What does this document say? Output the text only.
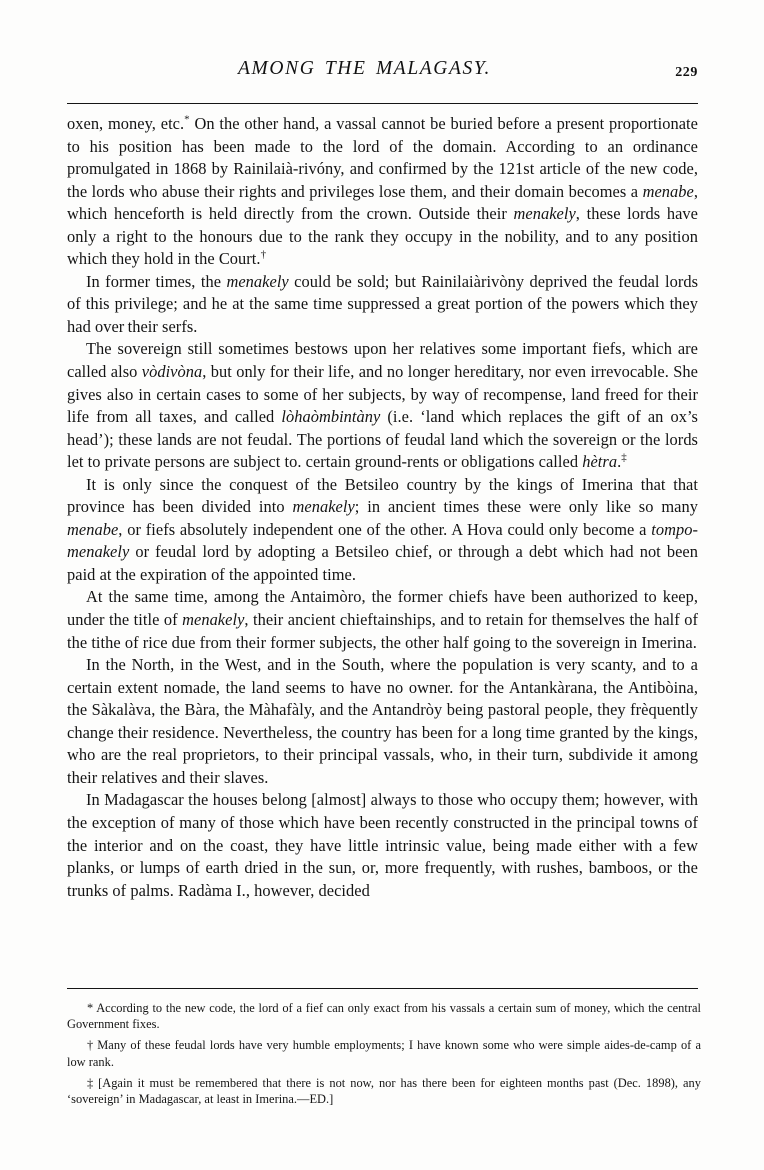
AMONG THE MALAGASY.	229

oxen, money, etc.* On the other hand, a vassal cannot be buried before a present proportionate to his position has been made to the lord of the domain. According to an ordinance promulgated in 1868 by Rainilaià-rivóny, and confirmed by the 121st article of the new code, the lords who abuse their rights and privileges lose them, and their domain becomes a menabe, which henceforth is held directly from the crown. Outside their menakely, these lords have only a right to the honours due to the rank they occupy in the nobility, and to any position which they hold in the Court.†

In former times, the menakely could be sold; but Rainilaiàrivòny deprived the feudal lords of this privilege; and he at the same time suppressed a great portion of the powers which they had over their serfs.

The sovereign still sometimes bestows upon her relatives some important fiefs, which are called also vòdivòna, but only for their life, and no longer hereditary, nor even irrevocable. She gives also in certain cases to some of her subjects, by way of recompense, land freed for their life from all taxes, and called lòhaòmbintàny (i.e. ‘land which replaces the gift of an ox’s head’); these lands are not feudal. The portions of feudal land which the sovereign or the lords let to private persons are subject to. certain ground-rents or obligations called hètra.‡

It is only since the conquest of the Betsileo country by the kings of Imerina that that province has been divided into menakely; in ancient times these were only like so many menabe, or fiefs absolutely independent one of the other. A Hova could only become a tompo-menakely or feudal lord by adopting a Betsileo chief, or through a debt which had not been paid at the expiration of the appointed time.

At the same time, among the Antaimòro, the former chiefs have been authorized to keep, under the title of menakely, their ancient chieftainships, and to retain for themselves the half of the tithe of rice due from their former subjects, the other half going to the sovereign in Imerina.

In the North, in the West, and in the South, where the population is very scanty, and to a certain extent nomade, the land seems to have no owner. for the Antankàrana, the Antibòina, the Sàkalàva, the Bàra, the Màhafàly, and the Antandròy being pastoral people, they frèquently change their residence. Nevertheless, the country has been for a long time granted by the kings, who are the real proprietors, to their principal vassals, who, in their turn, subdivide it among their relatives and their slaves.

In Madagascar the houses belong [almost] always to those who occupy them; however, with the exception of many of those which have been recently constructed in the principal towns of the interior and on the coast, they have little intrinsic value, being made either with a few planks, or lumps of earth dried in the sun, or, more frequently, with rushes, bamboos, or the trunks of palms. Radàma I., however, decided

* According to the new code, the lord of a fief can only exact from his vassals a certain sum of money, which the central Government fixes.

† Many of these feudal lords have very humble employments; I have known some who were simple aides-de-camp of a low rank.

‡ [Again it must be remembered that there is not now, nor has there been for eighteen months past (Dec. 1898), any ‘sovereign’ in Madagascar, at least in Imerina.—ED.]
